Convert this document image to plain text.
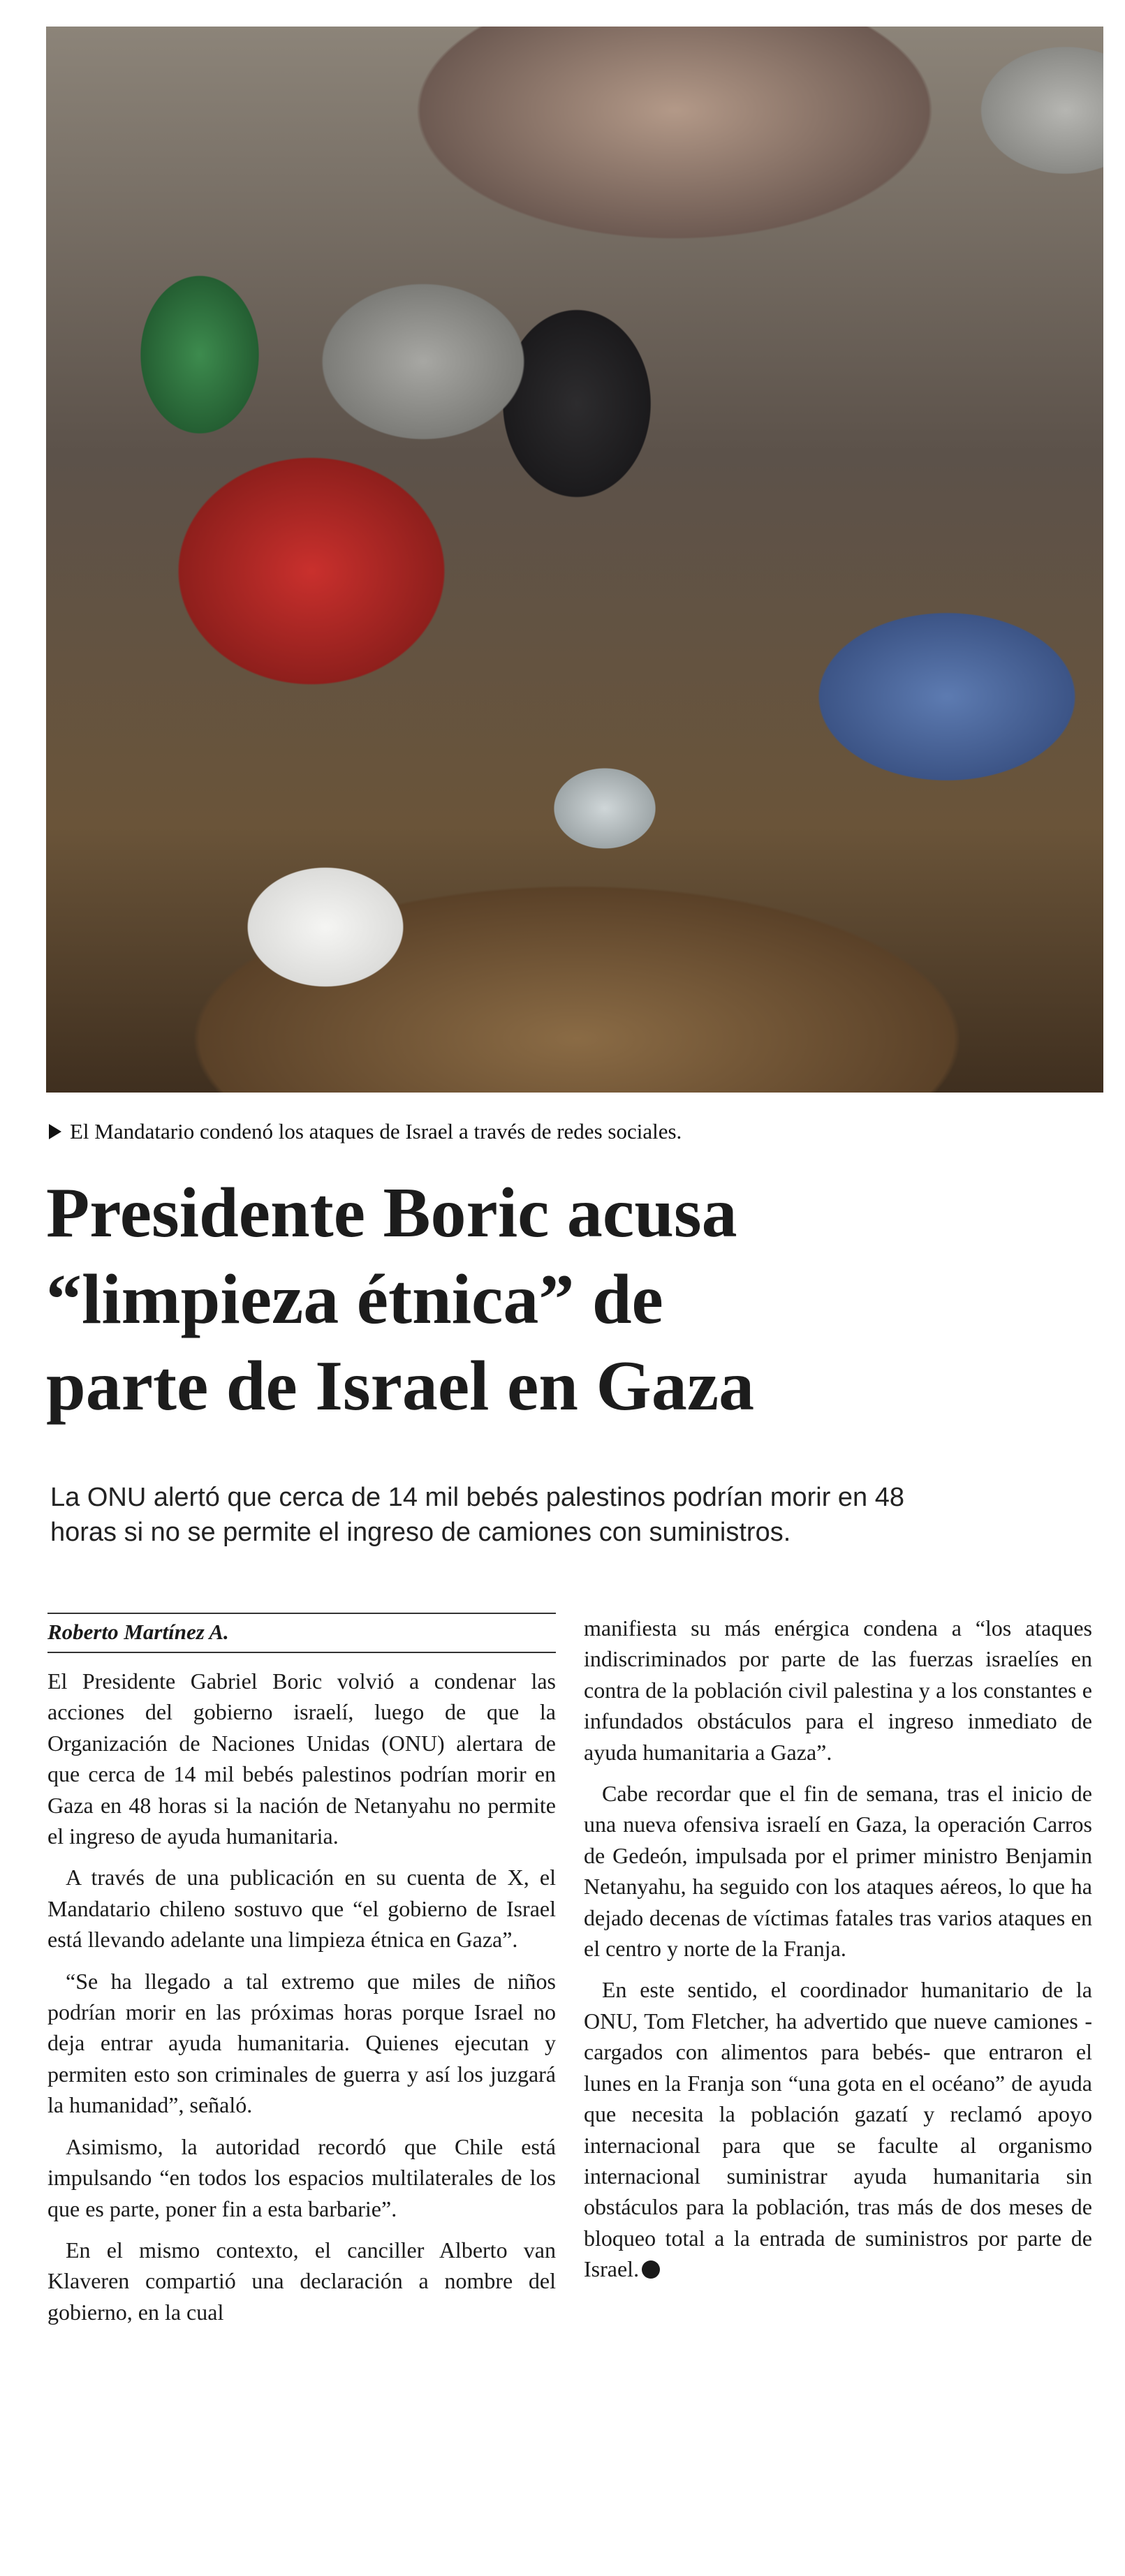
El Mandatario condenó los ataques de Israel a través de redes sociales.
Presidente Boric acusa
“limpieza étnica” de
parte de Israel en Gaza

La ONU alertó que cerca de 14 mil bebés palestinos podrían morir en 48
horas si no se permite el ingreso de camiones con suministros.

Roberto Martínez A.

El Presidente Gabriel Boric volvió a condenar las acciones del gobierno israelí, luego de que la Organización de Naciones Unidas (ONU) alertara de que cerca de 14 mil bebés palestinos podrían morir en Gaza en 48 horas si la nación de Netanyahu no permite el ingreso de ayuda humanitaria.

A través de una publicación en su cuenta de X, el Mandatario chileno sostuvo que “el gobierno de Israel está llevando adelante una limpieza étnica en Gaza”.

“Se ha llegado a tal extremo que miles de niños podrían morir en las próximas horas porque Israel no deja entrar ayuda humanitaria. Quienes ejecutan y permiten esto son criminales de guerra y así los juzgará la humanidad”, señaló.

Asimismo, la autoridad recordó que Chile está impulsando “en todos los espacios multilaterales de los que es parte, poner fin a esta barbarie”.

En el mismo contexto, el canciller Alberto van Klaveren compartió una declaración a nombre del gobierno, en la cual

manifiesta su más enérgica condena a “los ataques indiscriminados por parte de las fuerzas israelíes en contra de la población civil palestina y a los constantes e infundados obstáculos para el ingreso inmediato de ayuda humanitaria a Gaza”.

Cabe recordar que el fin de semana, tras el inicio de una nueva ofensiva israelí en Gaza, la operación Carros de Gedeón, impulsada por el primer ministro Benjamin Netanyahu, ha seguido con los ataques aéreos, lo que ha dejado decenas de víctimas fatales tras varios ataques en el centro y norte de la Franja.

En este sentido, el coordinador humanitario de la ONU, Tom Fletcher, ha advertido que nueve camiones -cargados con alimentos para bebés- que entraron el lunes en la Franja son “una gota en el océano” de ayuda que necesita la población gazatí y reclamó apoyo internacional para que se faculte al organismo internacional suministrar ayuda humanitaria sin obstáculos para la población, tras más de dos meses de bloqueo total a la entrada de suministros por parte de Israel.
